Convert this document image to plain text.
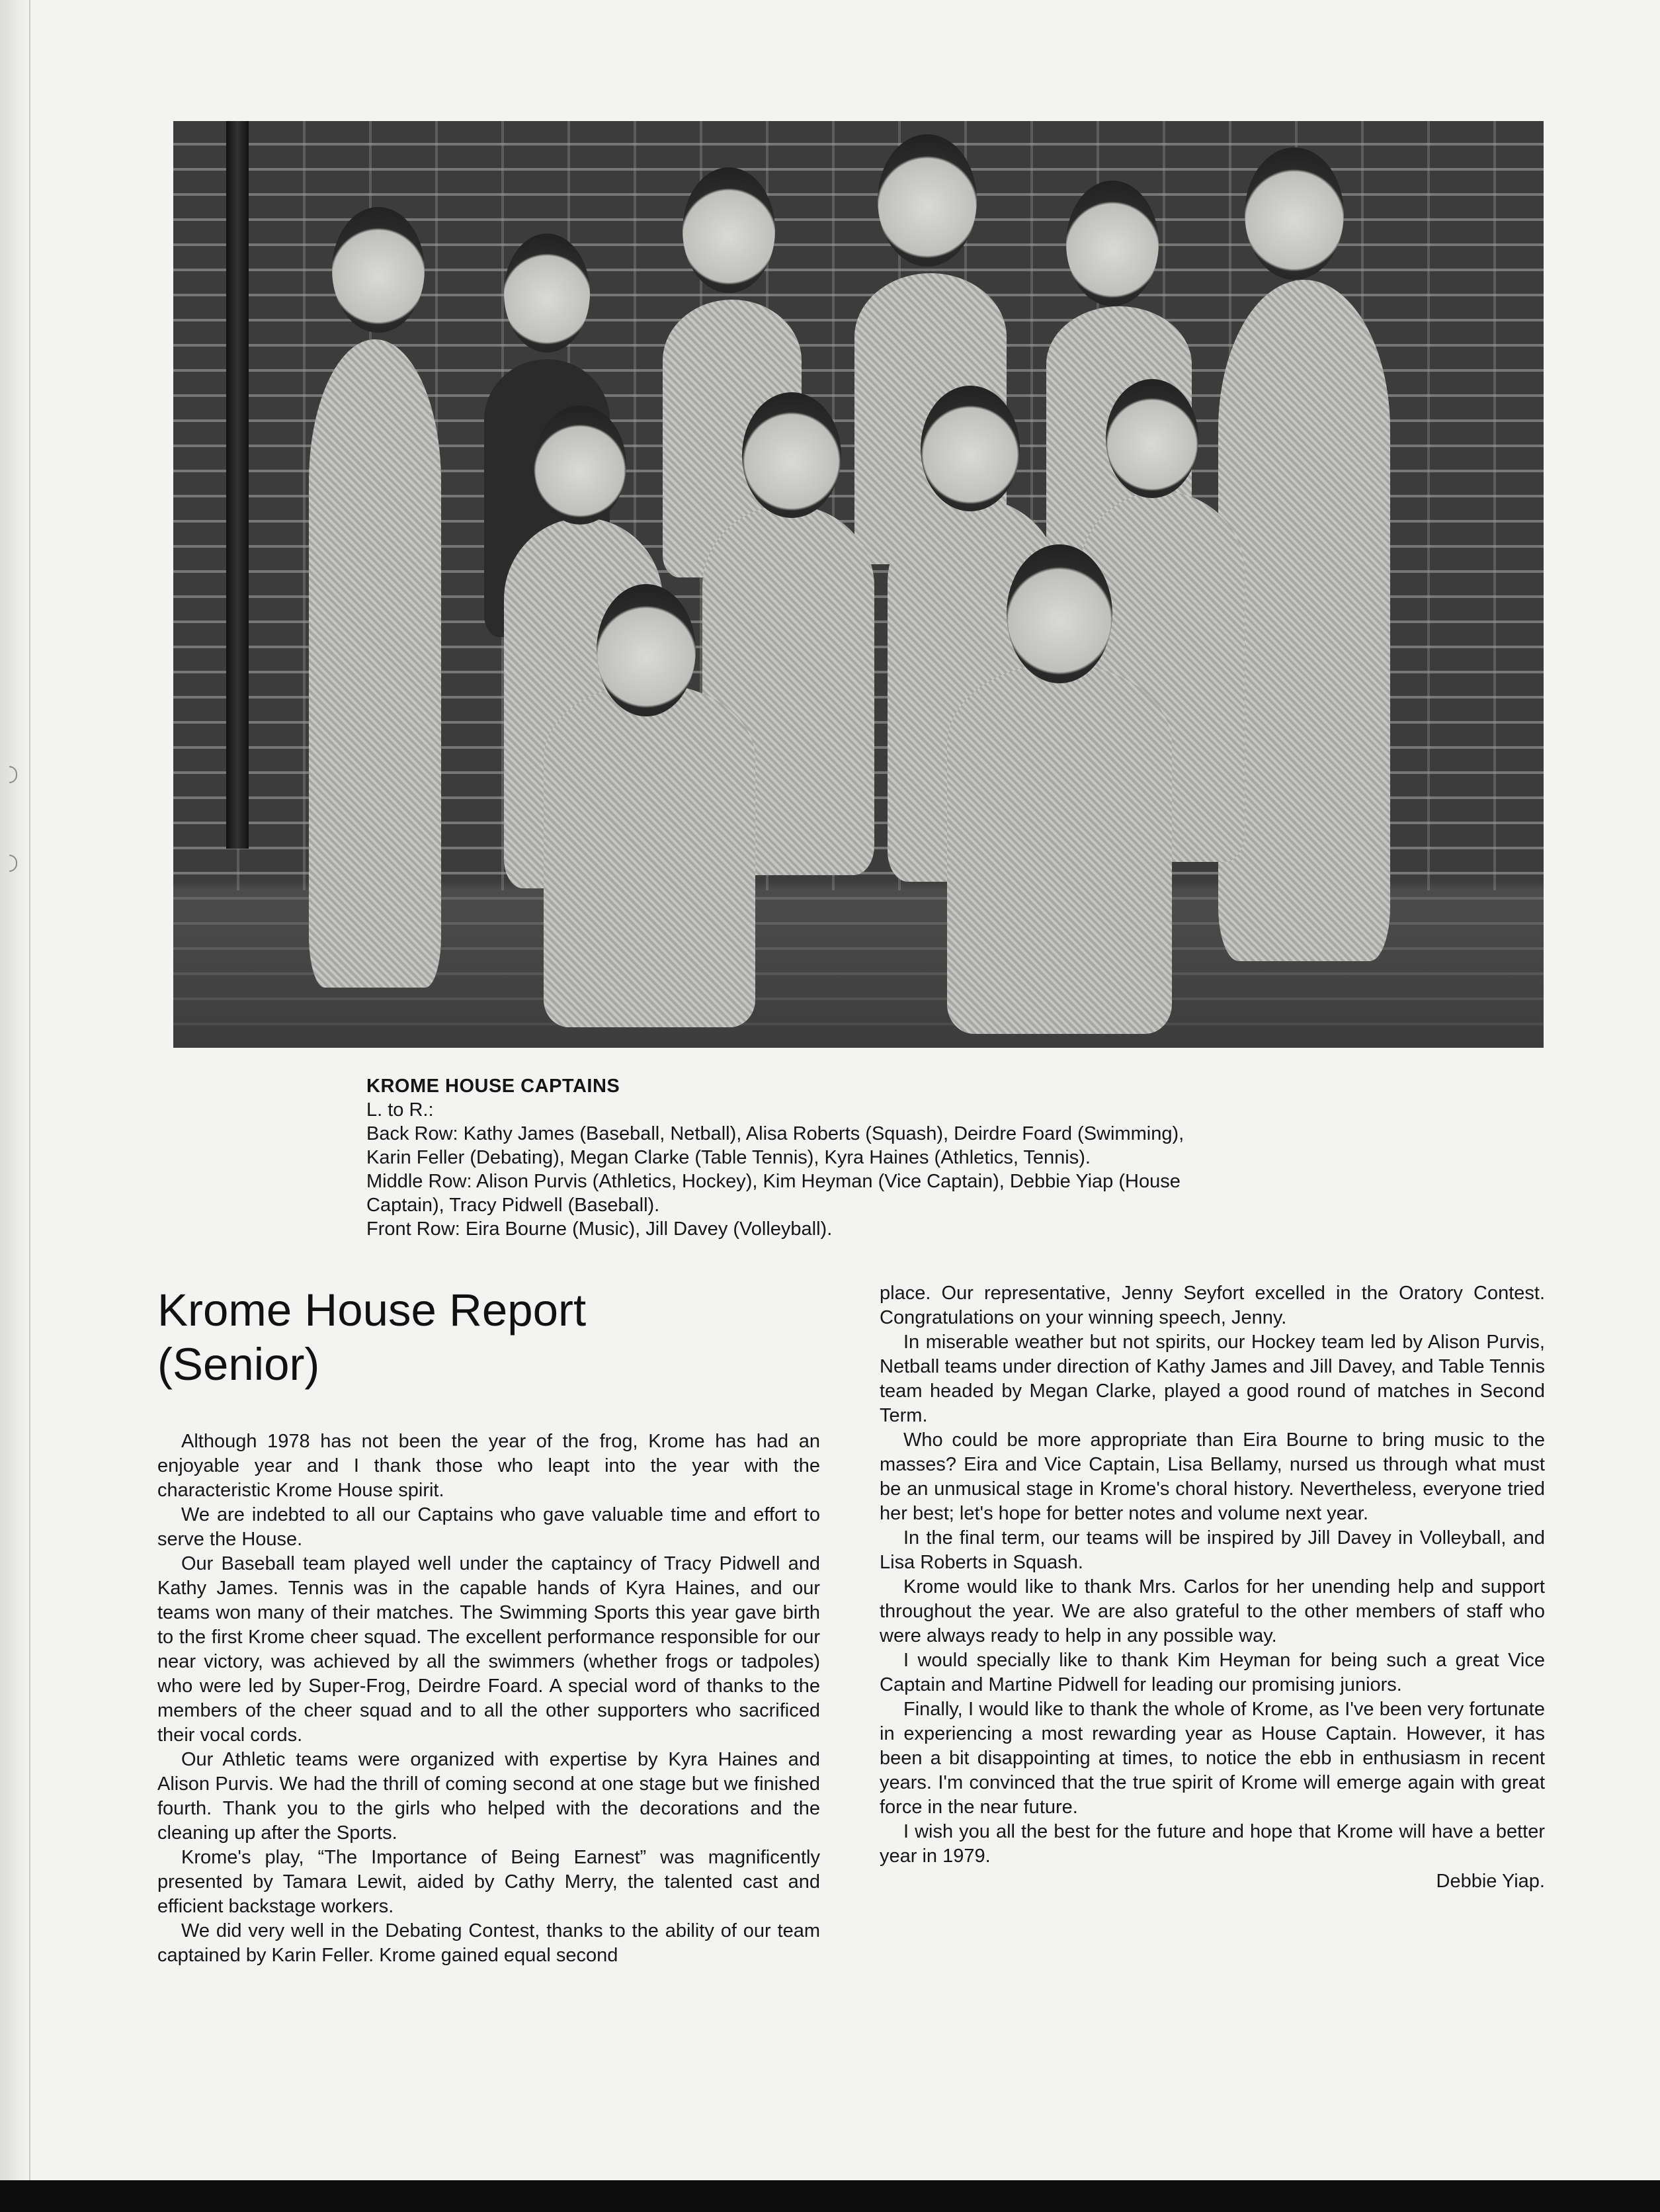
KROME HOUSE CAPTAINS
L. to R.:
Back Row: Kathy James (Baseball, Netball), Alisa Roberts (Squash), Deirdre Foard (Swimming),
Karin Feller (Debating), Megan Clarke (Table Tennis), Kyra Haines (Athletics, Tennis).
Middle Row: Alison Purvis (Athletics, Hockey), Kim Heyman (Vice Captain), Debbie Yiap (House
Captain), Tracy Pidwell (Baseball).
Front Row: Eira Bourne (Music), Jill Davey (Volleyball).
Krome House Report
(Senior)

Although 1978 has not been the year of the frog, Krome has had an enjoyable year and I thank those who leapt into the year with the characteristic Krome House spirit.

We are indebted to all our Captains who gave valuable time and effort to serve the House.

Our Baseball team played well under the captaincy of Tracy Pidwell and Kathy James. Tennis was in the capable hands of Kyra Haines, and our teams won many of their matches. The Swimming Sports this year gave birth to the first Krome cheer squad. The excellent performance responsible for our near victory, was achieved by all the swimmers (whether frogs or tadpoles) who were led by Super-Frog, Deirdre Foard. A special word of thanks to the members of the cheer squad and to all the other supporters who sacrificed their vocal cords.

Our Athletic teams were organized with expertise by Kyra Haines and Alison Purvis. We had the thrill of coming second at one stage but we finished fourth. Thank you to the girls who helped with the decorations and the cleaning up after the Sports.

Krome's play, “The Importance of Being Earnest” was magnificently presented by Tamara Lewit, aided by Cathy Merry, the talented cast and efficient backstage workers.

We did very well in the Debating Contest, thanks to the ability of our team captained by Karin Feller. Krome gained equal second

place. Our representative, Jenny Seyfort excelled in the Oratory Contest. Congratulations on your winning speech, Jenny.

In miserable weather but not spirits, our Hockey team led by Alison Purvis, Netball teams under direction of Kathy James and Jill Davey, and Table Tennis team headed by Megan Clarke, played a good round of matches in Second Term.

Who could be more appropriate than Eira Bourne to bring music to the masses? Eira and Vice Captain, Lisa Bellamy, nursed us through what must be an unmusical stage in Krome's choral history. Nevertheless, everyone tried her best; let's hope for better notes and volume next year.

In the final term, our teams will be inspired by Jill Davey in Volleyball, and Lisa Roberts in Squash.

Krome would like to thank Mrs. Carlos for her unending help and support throughout the year. We are also grateful to the other members of staff who were always ready to help in any possible way.

I would specially like to thank Kim Heyman for being such a great Vice Captain and Martine Pidwell for leading our promising juniors.

Finally, I would like to thank the whole of Krome, as I've been very fortunate in experiencing a most rewarding year as House Captain. However, it has been a bit disappointing at times, to notice the ebb in enthusiasm in recent years. I'm convinced that the true spirit of Krome will emerge again with great force in the near future.

I wish you all the best for the future and hope that Krome will have a better year in 1979.

Debbie Yiap.
